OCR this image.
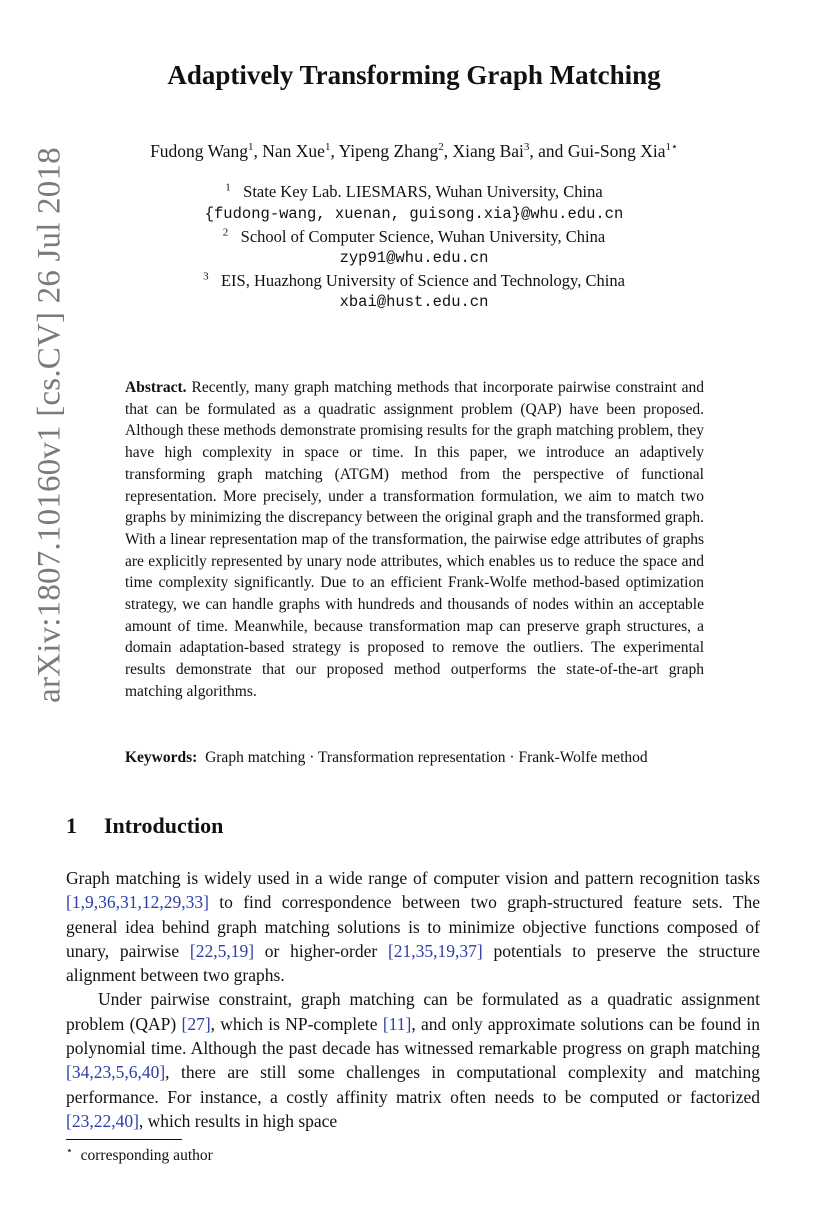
arXiv:1807.10160v1 [cs.CV] 26 Jul 2018
Adaptively Transforming Graph Matching
Fudong Wang$^1$, Nan Xue$^1$, Yipeng Zhang$^2$, Xiang Bai$^3$, and Gui-Song Xia$^{1⋆}$
$^1$ State Key Lab. LIESMARS, Wuhan University, China
{fudong-wang, xuenan, guisong.xia}@whu.edu.cn
$^2$ School of Computer Science, Wuhan University, China
zyp91@whu.edu.cn
$^3$ EIS, Huazhong University of Science and Technology, China
xbai@hust.edu.cn
Abstract. Recently, many graph matching methods that incorporate pairwise constraint and that can be formulated as a quadratic assignment problem (QAP) have been proposed. Although these methods demonstrate promising results for the graph matching problem, they have high complexity in space or time. In this paper, we introduce an adaptively transforming graph matching (ATGM) method from the perspective of functional representation. More precisely, under a transformation formulation, we aim to match two graphs by minimizing the discrepancy between the original graph and the transformed graph. With a linear representation map of the transformation, the pairwise edge attributes of graphs are explicitly represented by unary node attributes, which enables us to reduce the space and time complexity significantly. Due to an efficient Frank-Wolfe method-based optimization strategy, we can handle graphs with hundreds and thousands of nodes within an acceptable amount of time. Meanwhile, because transformation map can preserve graph structures, a domain adaptation-based strategy is proposed to remove the outliers. The experimental results demonstrate that our proposed method outperforms the state-of-the-art graph matching algorithms.
Keywords: Graph matching · Transformation representation · Frank-Wolfe method
1 Introduction

Graph matching is widely used in a wide range of computer vision and pattern recognition tasks [1,9,36,31,12,29,33] to find correspondence between two graph-structured feature sets. The general idea behind graph matching solutions is to minimize objective functions composed of unary, pairwise [22,5,19] or higher-order [21,35,19,37] potentials to preserve the structure alignment between two graphs.

Under pairwise constraint, graph matching can be formulated as a quadratic assignment problem (QAP) [27], which is NP-complete [11], and only approximate solutions can be found in polynomial time. Although the past decade has witnessed remarkable progress on graph matching [34,23,5,6,40], there are still some challenges in computational complexity and matching performance. For instance, a costly affinity matrix often needs to be computed or factorized [23,22,40], which results in high space

⋆ corresponding author
